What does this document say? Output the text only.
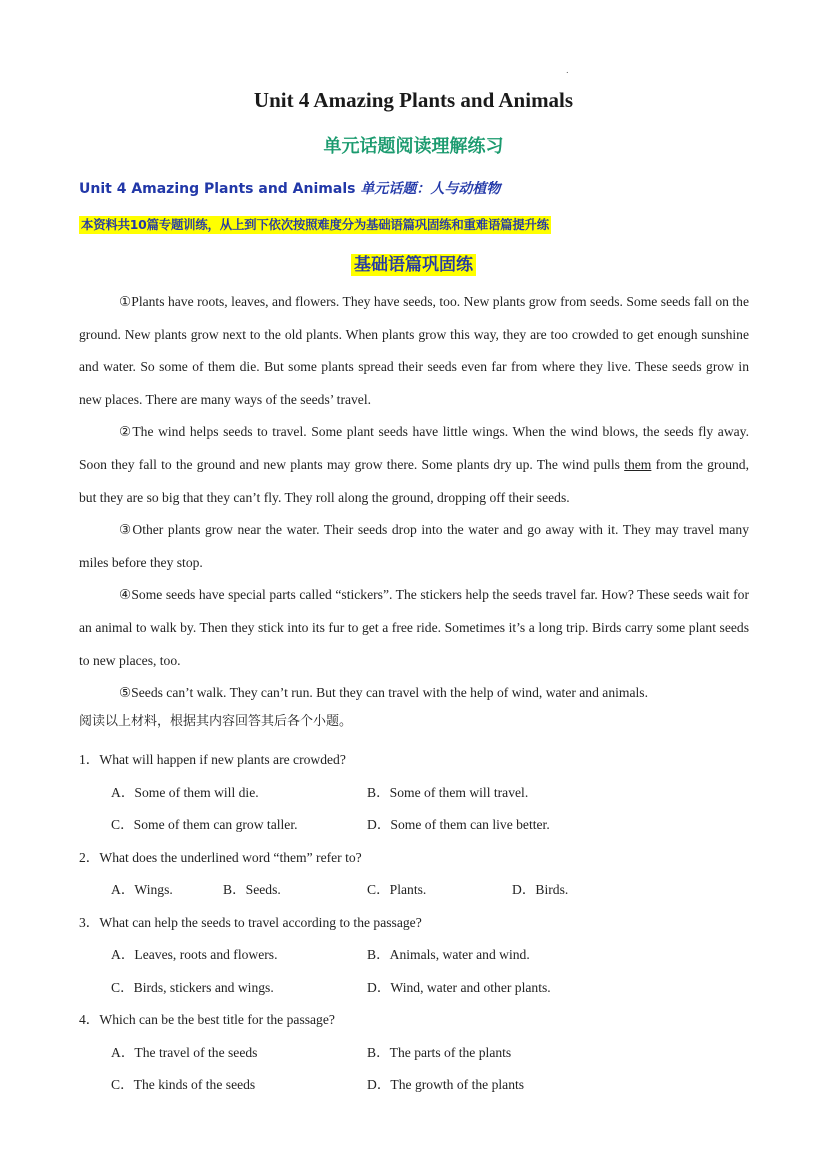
.
Unit 4 Amazing Plants and Animals
单元话题阅读理解练习
Unit 4 Amazing Plants and Animals 单元话题：人与动植物
本资料共10篇专题训练，从上到下依次按照难度分为基础语篇巩固练和重难语篇提升练
基础语篇巩固练

①Plants have roots, leaves, and flowers. They have seeds, too. New plants grow from seeds. Some seeds fall on the ground. New plants grow next to the old plants. When plants grow this way, they are too crowded to get enough sunshine and water. So some of them die. But some plants spread their seeds even far from where they live. These seeds grow in new places. There are many ways of the seeds’ travel.

②The wind helps seeds to travel. Some plant seeds have little wings. When the wind blows, the seeds fly away. Soon they fall to the ground and new plants may grow there. Some plants dry up. The wind pulls them from the ground, but they are so big that they can’t fly. They roll along the ground, dropping off their seeds.

③Other plants grow near the water. Their seeds drop into the water and go away with it. They may travel many miles before they stop.

④Some seeds have special parts called “stickers”. The stickers help the seeds travel far. How? These seeds wait for an animal to walk by. Then they stick into its fur to get a free ride. Sometimes it’s a long trip. Birds carry some plant seeds to new places, too.

⑤Seeds can’t walk. They can’t run. But they can travel with the help of wind, water and animals.

阅读以上材料，根据其内容回答其后各个小题。
1．What will happen if new plants are crowded?
A．Some of them will die.	B．Some of them will travel.
C．Some of them can grow taller.	D．Some of them can live better.
2．What does the underlined word “them” refer to?
A．Wings.	B．Seeds.	C．Plants.	D．Birds.
3．What can help the seeds to travel according to the passage?
A．Leaves, roots and flowers.	B．Animals, water and wind.
C．Birds, stickers and wings.	D．Wind, water and other plants.
4．Which can be the best title for the passage?
A．The travel of the seeds	B．The parts of the plants
C．The kinds of the seeds	D．The growth of the plants
